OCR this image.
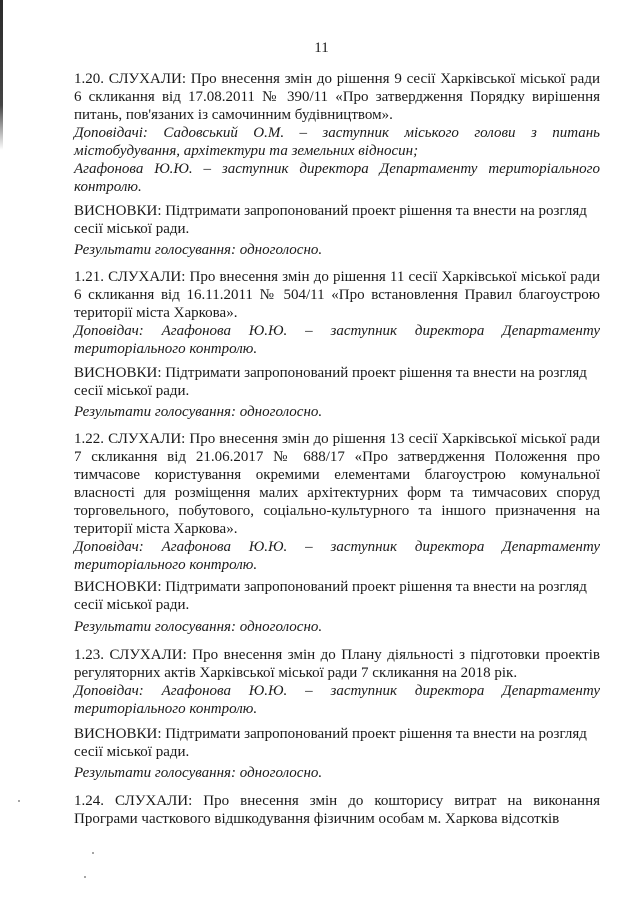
11

1.20. СЛУХАЛИ: Про внесення змін до рішення 9 сесії Харківської міської ради 6 скликання від 17.08.2011 № 390/11 «Про затвердження Порядку вирішення питань, пов'язаних із самочинним будівництвом».

Доповідачі: Садовський О.М. – заступник міського голови з питань містобудування, архітектури та земельних відносин;

Агафонова Ю.Ю. – заступник директора Департаменту територіального контролю.

ВИСНОВКИ: Підтримати запропонований проект рішення та внести на розгляд сесії міської ради.

Результати голосування: одноголосно.

1.21. СЛУХАЛИ: Про внесення змін до рішення 11 сесії Харківської міської ради 6 скликання від 16.11.2011 № 504/11 «Про встановлення Правил благоустрою території міста Харкова».

Доповідач: Агафонова Ю.Ю. – заступник директора Департаменту територіального контролю.

ВИСНОВКИ: Підтримати запропонований проект рішення та внести на розгляд сесії міської ради.

Результати голосування: одноголосно.

1.22. СЛУХАЛИ: Про внесення змін до рішення 13 сесії Харківської міської ради 7 скликання від 21.06.2017 № 688/17 «Про затвердження Положення про тимчасове користування окремими елементами благоустрою комунальної власності для розміщення малих архітектурних форм та тимчасових споруд торговельного, побутового, соціально-культурного та іншого призначення на території міста Харкова».

Доповідач: Агафонова Ю.Ю. – заступник директора Департаменту територіального контролю.

ВИСНОВКИ: Підтримати запропонований проект рішення та внести на розгляд сесії міської ради.

Результати голосування: одноголосно.

1.23. СЛУХАЛИ: Про внесення змін до Плану діяльності з підготовки проектів регуляторних актів Харківської міської ради 7 скликання на 2018 рік.

Доповідач: Агафонова Ю.Ю. – заступник директора Департаменту територіального контролю.

ВИСНОВКИ: Підтримати запропонований проект рішення та внести на розгляд сесії міської ради.

Результати голосування: одноголосно.

1.24. СЛУХАЛИ: Про внесення змін до кошторису витрат на виконання Програми часткового відшкодування фізичним особам м. Харкова відсотків
